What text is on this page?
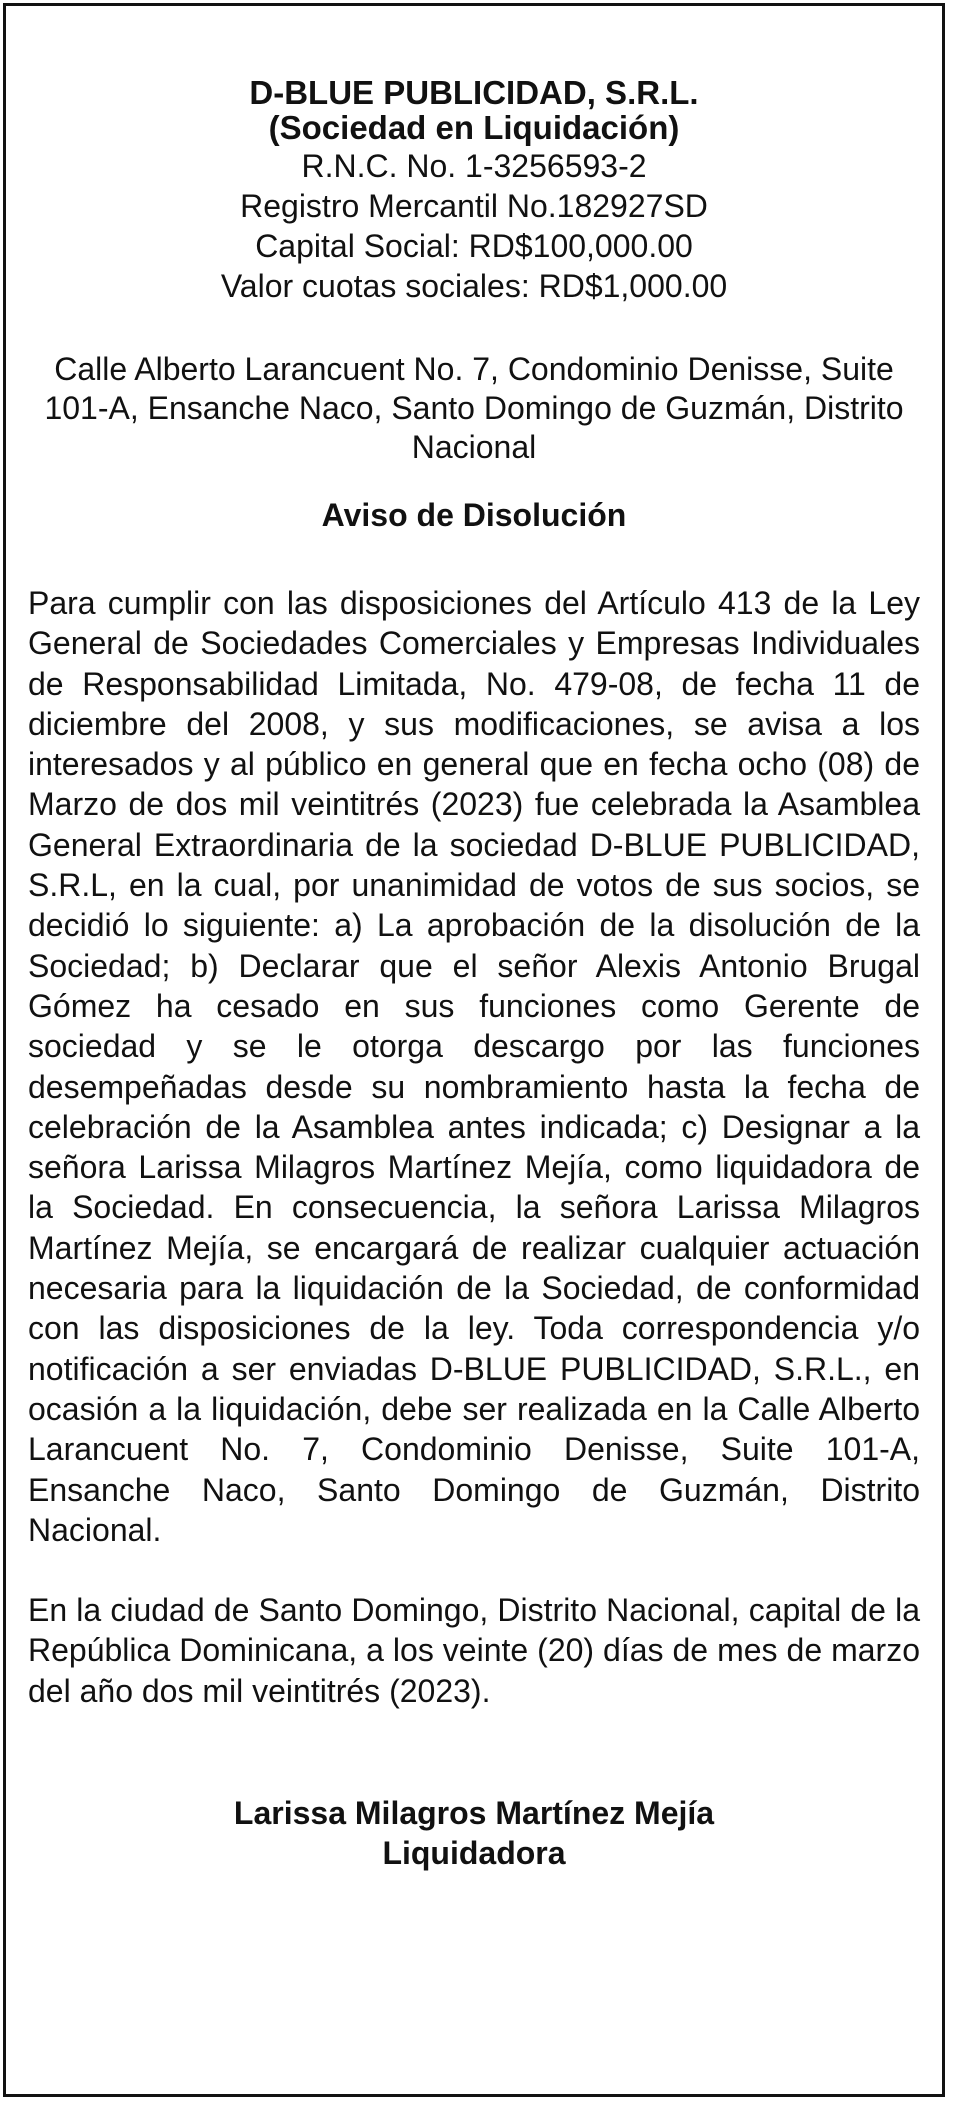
D-BLUE PUBLICIDAD, S.R.L.
(Sociedad en Liquidación)
R.N.C. No. 1-3256593-2
Registro Mercantil No.182927SD
Capital Social: RD$100,000.00
Valor cuotas sociales: RD$1,000.00
Calle Alberto Larancuent No. 7, Condominio Denisse, Suite 101-A, Ensanche Naco, Santo Domingo de Guzmán, Distrito Nacional
Aviso de Disolución
Para cumplir con las disposiciones del Artículo 413 de la Ley General de Sociedades Comerciales y Empresas Individuales de Responsabilidad Limitada, No. 479-08, de fecha 11 de diciembre del 2008, y sus modificaciones, se avisa a los interesados y al público en general que en fecha ocho (08) de Marzo de dos mil veintitrés (2023) fue celebrada la Asamblea General Extraordinaria de la sociedad D-BLUE PUBLICIDAD, S.R.L, en la cual, por unanimidad de votos de sus socios, se decidió lo siguiente: a) La aprobación de la disolución de la Sociedad; b) Declarar que el señor Alexis Antonio Brugal Gómez ha cesado en sus funciones como Gerente de sociedad y se le otorga descargo por las funciones desempeñadas desde su nombramiento hasta la fecha de celebración de la Asamblea antes indicada; c) Designar a la señora Larissa Milagros Martínez Mejía, como liquidadora de la Sociedad. En consecuencia, la señora Larissa Milagros Martínez Mejía, se encargará de realizar cualquier actuación necesaria para la liquidación de la Sociedad, de conformidad con las disposiciones de la ley. Toda correspondencia y/o notificación a ser enviadas D-BLUE PUBLICIDAD, S.R.L., en ocasión a la liquidación, debe ser realizada en la Calle Alberto Larancuent No. 7, Condominio Denisse, Suite 101-A, Ensanche Naco, Santo Domingo de Guzmán, Distrito Nacional.
En la ciudad de Santo Domingo, Distrito Nacional, capital de la República Dominicana, a los veinte (20) días de mes de marzo del año dos mil veintitrés (2023).
Larissa Milagros Martínez Mejía
Liquidadora
